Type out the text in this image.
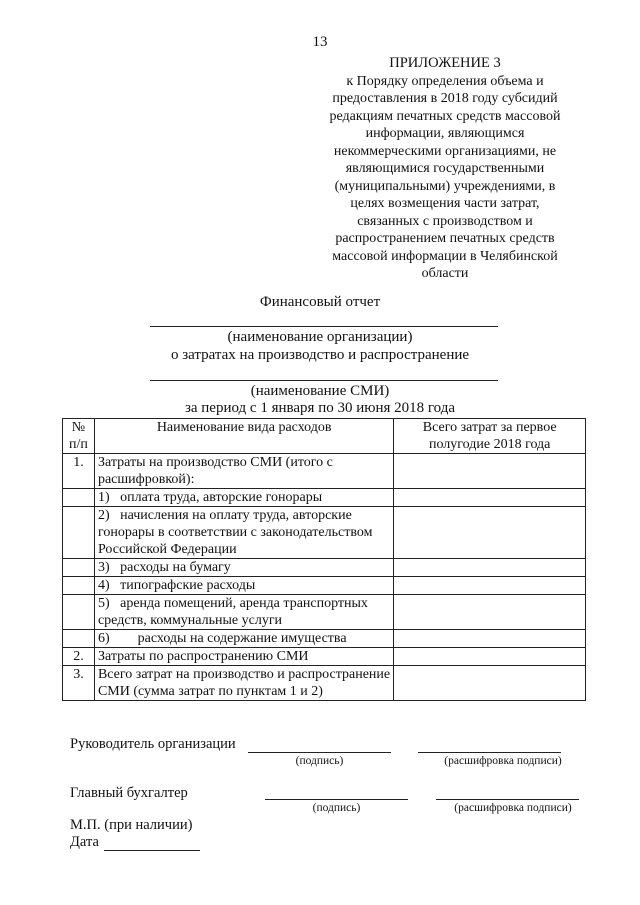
13
ПРИЛОЖЕНИЕ 3
к Порядку определения объема и
предоставления в 2018 году субсидий
редакциям печатных средств массовой
информации, являющимся
некоммерческими организациями, не
являющимися государственными
(муниципальными) учреждениями, в
целях возмещения части затрат,
связанных с производством и
распространением печатных средств
массовой информации в Челябинской
области
Финансовый отчет
(наименование организации)
о затратах на производство и распространение
(наименование СМИ)
за период с 1 января по 30 июня 2018 года
№ п/п	Наименование вида расходов	Всего затрат за первое полугодие 2018 года
1.	Затраты на производство СМИ (итого с расшифровкой):	
	1)   оплата труда, авторские гонорары	
	2)   начисления на оплату труда, авторские гонорары в соответствии с законодательством Российской Федерации	
	3)   расходы на бумагу	
	4)   типографские расходы	
	5)   аренда помещений, аренда транспортных средств, коммунальные услуги	
	6)        расходы на содержание имущества	
2.	Затраты по распространению СМИ	
3.	Всего затрат на производство и распространение СМИ (сумма затрат по пунктам 1 и 2)	
Руководитель организации
(подпись)	(расшифровка подписи)
Главный бухгалтер
(подпись)	(расшифровка подписи)
М.П. (при наличии)
Дата
